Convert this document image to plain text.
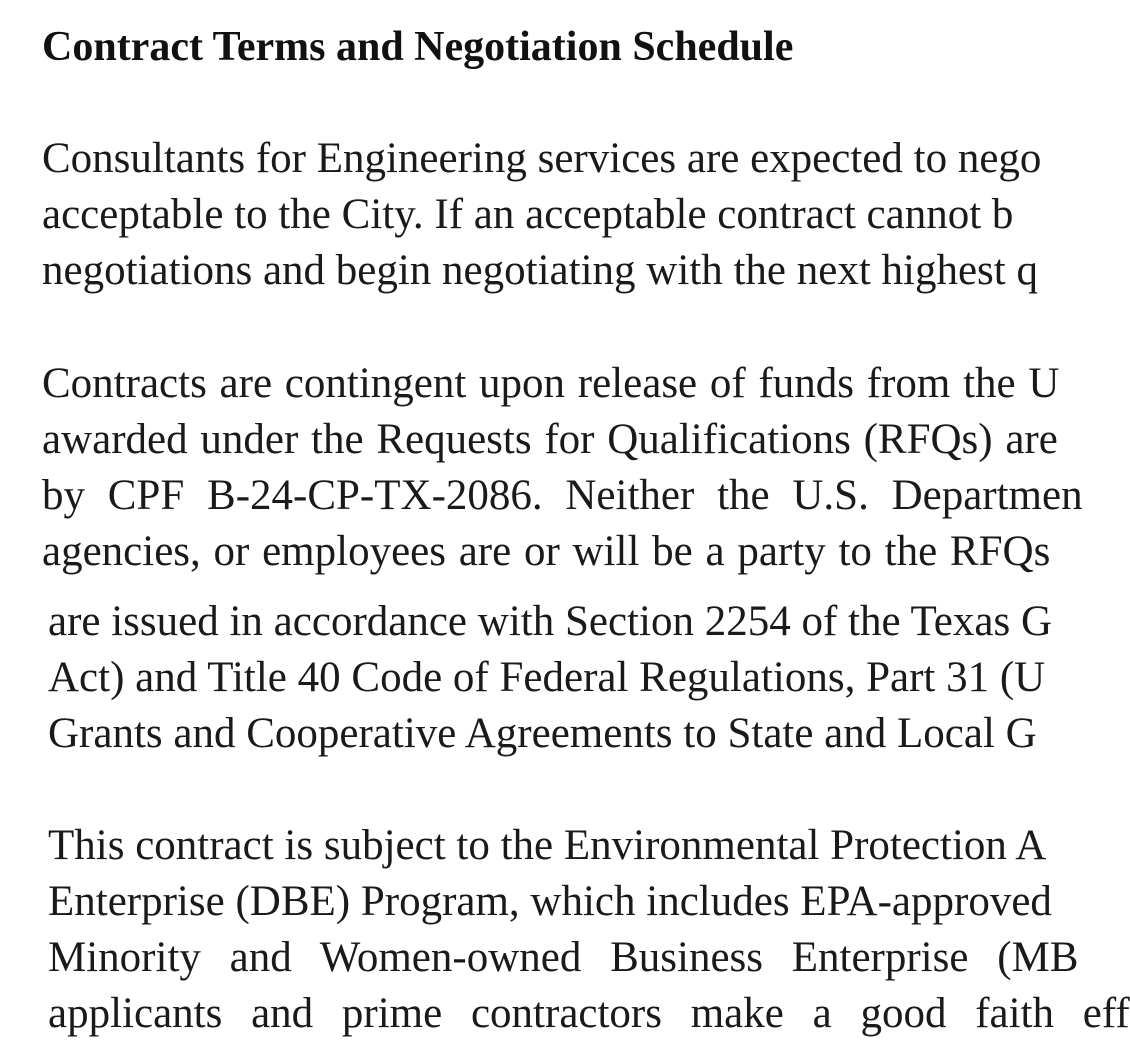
Contract Terms and Negotiation Schedule
Consultants for Engineering services are expected to nego
acceptable to the City. If an acceptable contract cannot b
negotiations and begin negotiating with the next highest q
Contracts are contingent upon release of funds from the U
awarded under the Requests for Qualifications (RFQs) are
by CPF B-24-CP-TX-2086. Neither the U.S. Departmen
agencies, or employees are or will be a party to the RFQs
are issued in accordance with Section 2254 of the Texas G
Act) and Title 40 Code of Federal Regulations, Part 31 (U
Grants and Cooperative Agreements to State and Local G
This contract is subject to the Environmental Protection A
Enterprise (DBE) Program, which includes EPA-approved
Minority and Women-owned Business Enterprise (MB
applicants and prime contractors make a good faith eff
